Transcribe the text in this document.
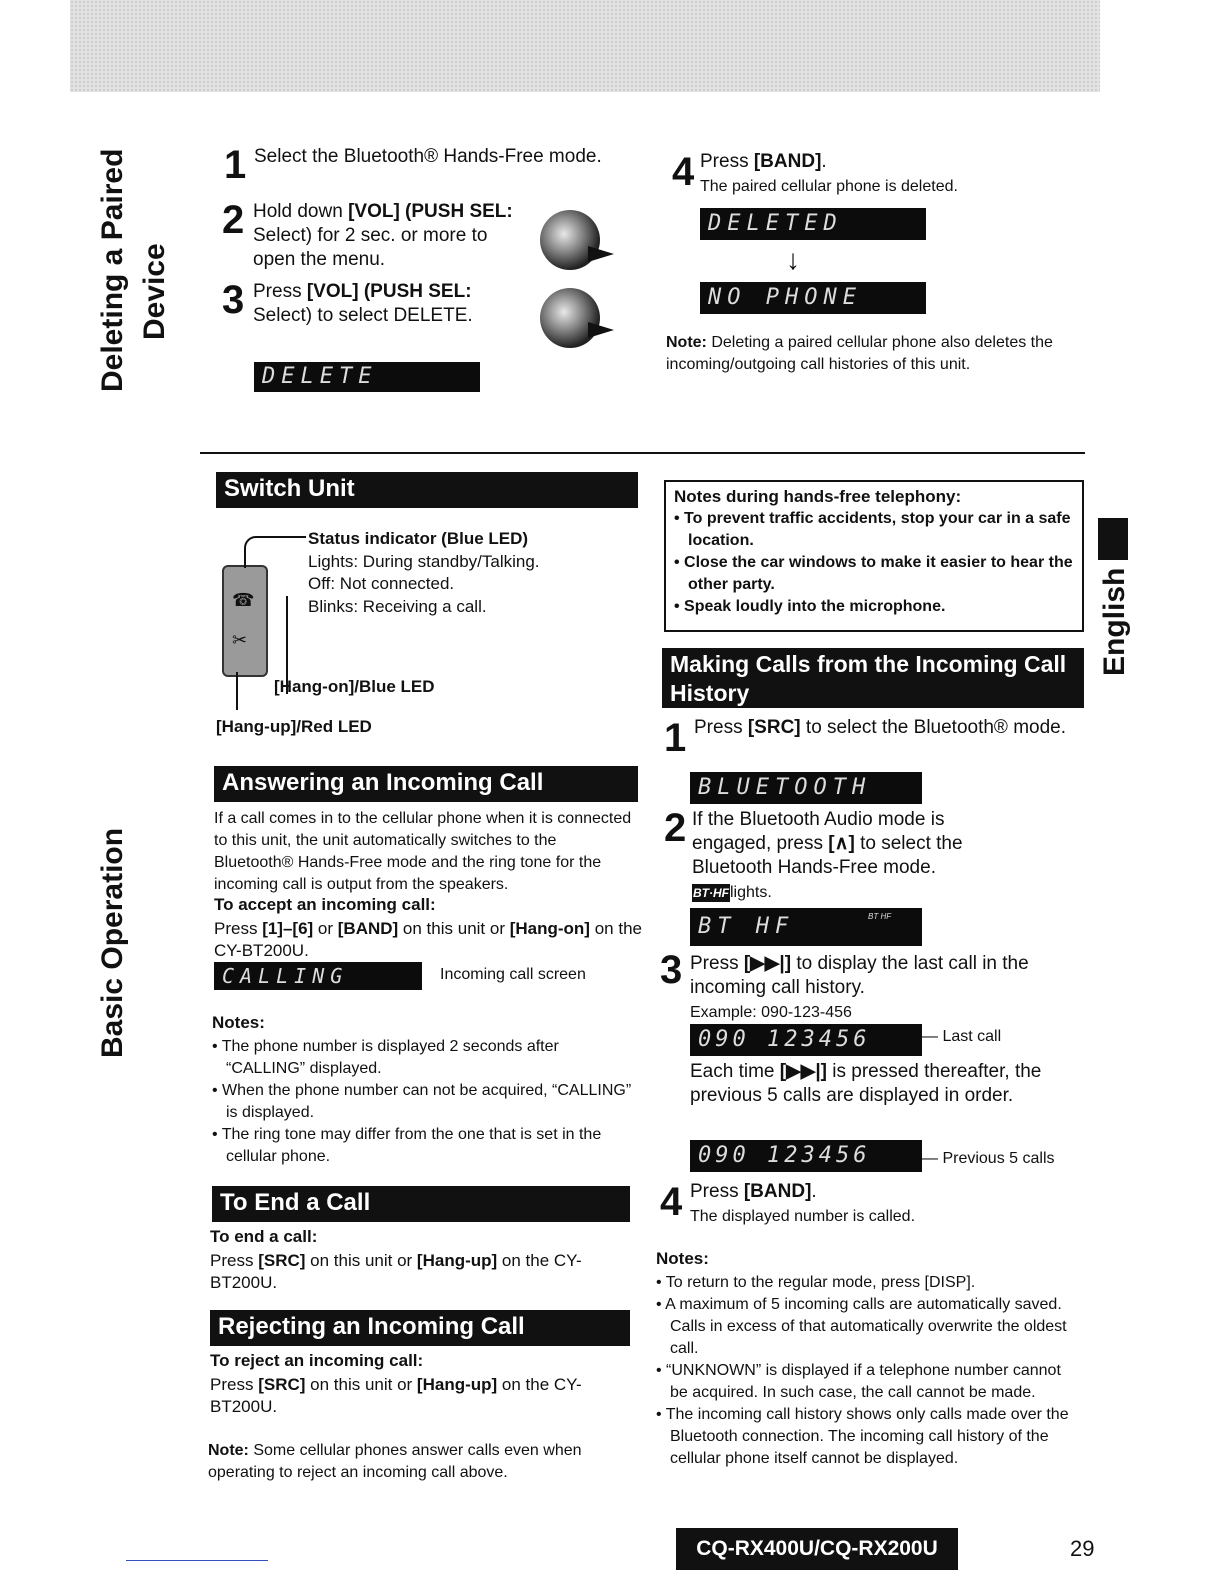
Deleting a Paired Device
Basic Operation
English
1 Select the Bluetooth® Hands-Free mode.
2 Hold down [VOL] (PUSH SEL: Select) for 2 sec. or more to open the menu.
3 Press [VOL] (PUSH SEL: Select) to select DELETE.
DELETE
4 Press [BAND].
The paired cellular phone is deleted.
DELETED
↓
NO PHONE
Note: Deleting a paired cellular phone also deletes the incoming/outgoing call histories of this unit.
Switch Unit
☎
✂
Status indicator (Blue LED)
Lights: During standby/Talking.
Off: Not connected.
Blinks: Receiving a call.
[Hang-on]/Blue LED
[Hang-up]/Red LED
Answering an Incoming Call
If a call comes in to the cellular phone when it is connected to this unit, the unit automatically switches to the Bluetooth® Hands-Free mode and the ring tone for the incoming call is output from the speakers.
To accept an incoming call:
Press [1]–[6] or [BAND] on this unit or [Hang-on] on the CY-BT200U.
CALLING	Incoming call screen
Notes:
• The phone number is displayed 2 seconds after “CALLING” displayed.
• When the phone number can not be acquired, “CALLING” is displayed.
• The ring tone may differ from the one that is set in the cellular phone.
To End a Call
To end a call:
Press [SRC] on this unit or [Hang-up] on the CY-BT200U.
Rejecting an Incoming Call
To reject an incoming call:
Press [SRC] on this unit or [Hang-up] on the CY-BT200U.
Note: Some cellular phones answer calls even when operating to reject an incoming call above.
Notes during hands-free telephony:
• To prevent traffic accidents, stop your car in a safe location.
• Close the car windows to make it easier to hear the other party.
• Speak loudly into the microphone.
Making Calls from the Incoming Call History
1 Press [SRC] to select the Bluetooth® mode.
BLUETOOTH
2 If the Bluetooth Audio mode is engaged, press [∧] to select the Bluetooth Hands-Free mode.
BT·HF lights.
BT HF	BT HF
3 Press [▶▶|] to display the last call in the incoming call history.
Example: 090-123-456
090 123456	— Last call
Each time [▶▶|] is pressed thereafter, the previous 5 calls are displayed in order.
090 123456	— Previous 5 calls
4 Press [BAND].
The displayed number is called.
Notes:
• To return to the regular mode, press [DISP].
• A maximum of 5 incoming calls are automatically saved. Calls in excess of that automatically overwrite the oldest call.
• “UNKNOWN” is displayed if a telephone number cannot be acquired. In such case, the call cannot be made.
• The incoming call history shows only calls made over the Bluetooth connection. The incoming call history of the cellular phone itself cannot be displayed.
CQ-RX400U/CQ-RX200U	29
